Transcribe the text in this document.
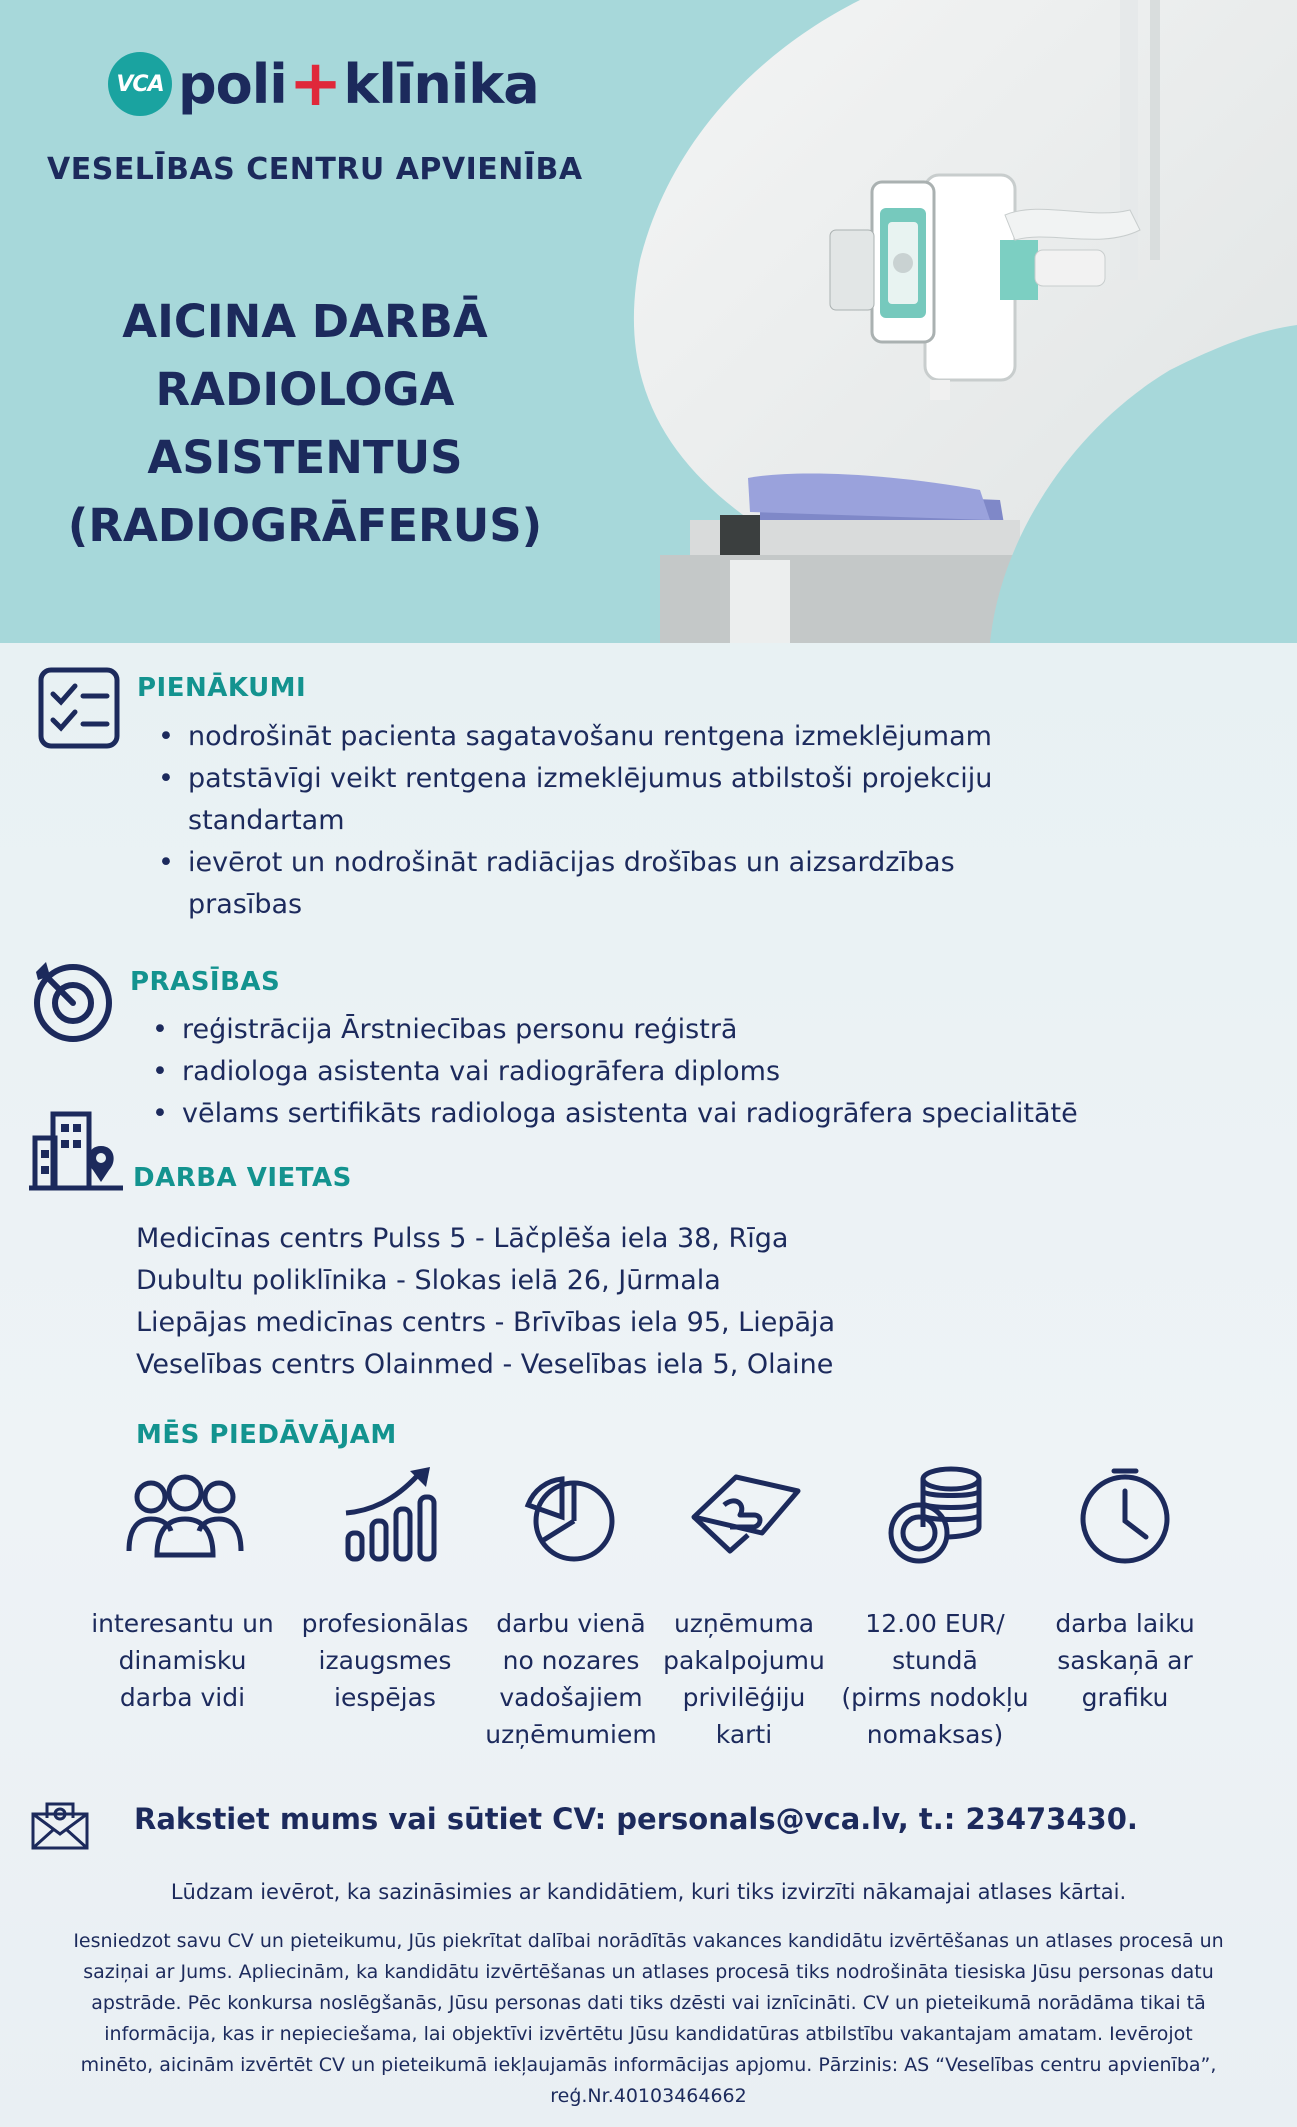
VCA poli + klīnika
VESELĪBAS CENTRU APVIENĪBA
AICINA DARBĀ
RADIOLOGA ASISTENTUS
(RADIOGRĀFERUS)
PIENĀKUMI
• nodrošināt pacienta sagatavošanu rentgena izmeklējumam
• patstāvīgi veikt rentgena izmeklējumus atbilstoši projekciju standartam
• ievērot un nodrošināt radiācijas drošības un aizsardzības prasības
PRASĪBAS
• reģistrācija Ārstniecības personu reģistrā
• radiologa asistenta vai radiogrāfera diploms
• vēlams sertifikāts radiologa asistenta vai radiogrāfera specialitātē
DARBA VIETAS
Medicīnas centrs Pulss 5 - Lāčplēša iela 38, Rīga
Dubultu poliklīnika - Slokas ielā 26, Jūrmala
Liepājas medicīnas centrs - Brīvības iela 95, Liepāja
Veselības centrs Olainmed - Veselības iela 5, Olaine
MĒS PIEDĀVĀJAM
interesantu un
dinamisku
darba vidi
profesionālas
izaugsmes
iespējas
darbu vienā
no nozares
vadošajiem
uzņēmumiem
uzņēmuma
pakalpojumu
privilēģiju
karti
12.00 EUR/
stundā
(pirms nodokļu
nomaksas)
darba laiku
saskaņā ar
grafiku
Rakstiet mums vai sūtiet CV: personals@vca.lv, t.: 23473430.
Lūdzam ievērot, ka sazināsimies ar kandidātiem, kuri tiks izvirzīti nākamajai atlases kārtai.
Iesniedzot savu CV un pieteikumu, Jūs piekrītat dalībai norādītās vakances kandidātu izvērtēšanas un atlases procesā un
saziņai ar Jums. Apliecinām, ka kandidātu izvērtēšanas un atlases procesā tiks nodrošināta tiesiska Jūsu personas datu
apstrāde. Pēc konkursa noslēgšanās, Jūsu personas dati tiks dzēsti vai iznīcināti. CV un pieteikumā norādāma tikai tā
informācija, kas ir nepieciešama, lai objektīvi izvērtētu Jūsu kandidatūras atbilstību vakantajam amatam. Ievērojot
minēto, aicinām izvērtēt CV un pieteikumā iekļaujamās informācijas apjomu. Pārzinis: AS “Veselības centru apvienība”,
reģ.Nr.40103464662
